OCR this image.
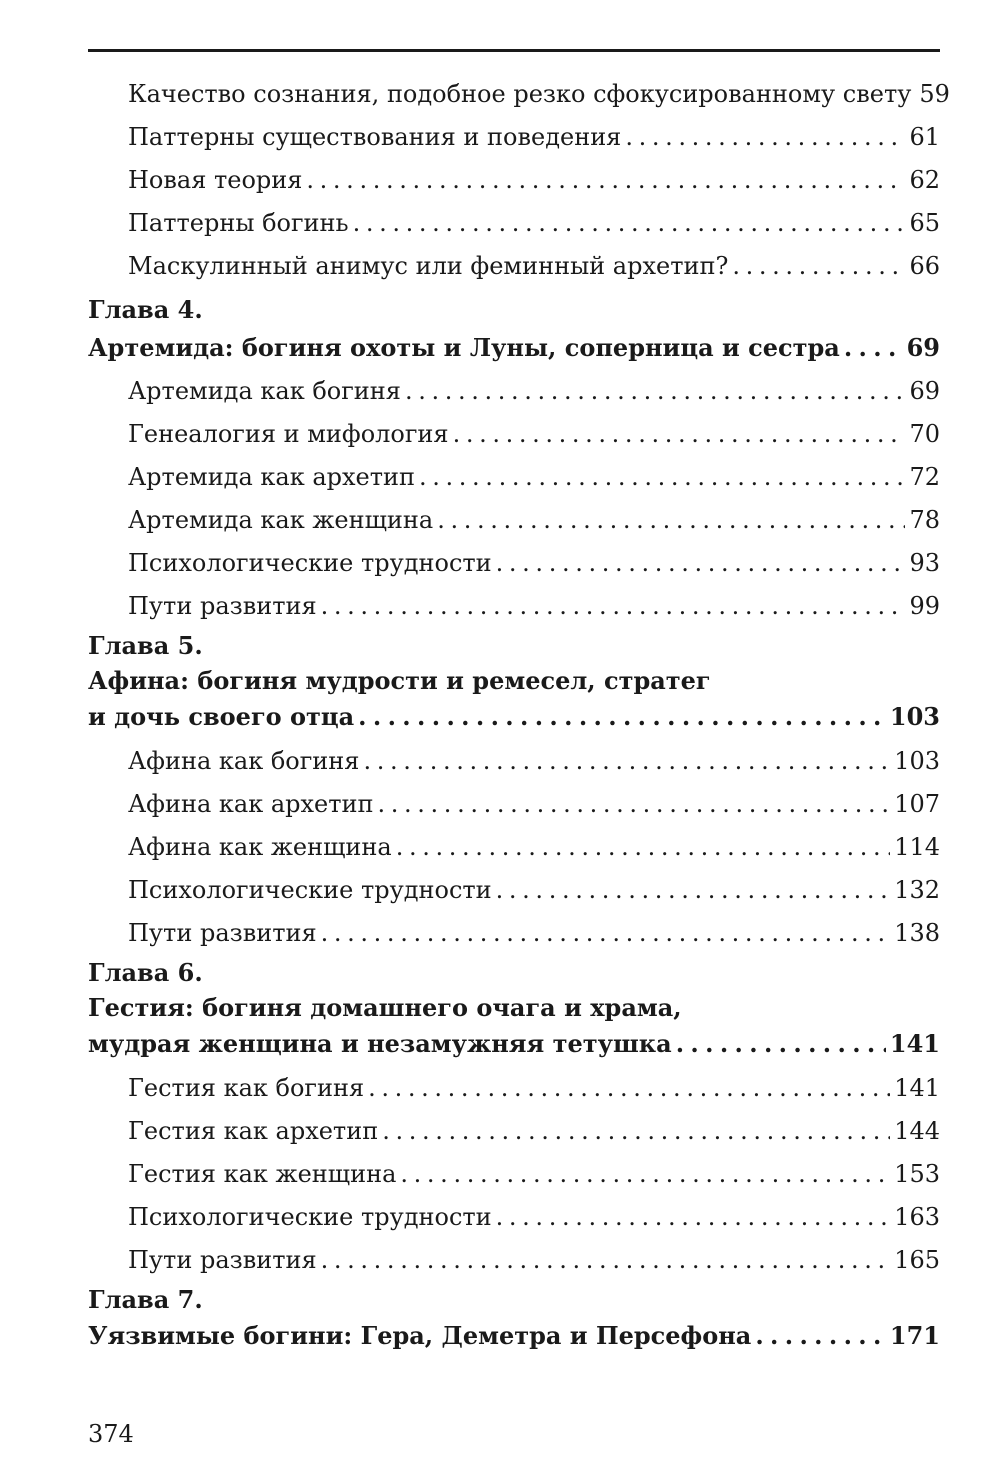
Качество сознания, подобное резко сфокусированному свету 59
Паттерны существования и поведения . . .	61
Новая теория . . .	62
Паттерны богинь . . .	65
Маскулинный анимус или феминный архетип? . . .	66
Глава 4.
Артемида: богиня охоты и Луны, соперница и сестра . . .	69
Артемида как богиня . . .	69
Генеалогия и мифология . . .	70
Артемида как архетип . . .	72
Артемида как женщина . . .	78
Психологические трудности . . .	93
Пути развития . . .	99
Глава 5.
Афина: богиня мудрости и ремесел, стратег
и дочь своего отца . . .	103
Афина как богиня . . .	103
Афина как архетип . . .	107
Афина как женщина . . .	114
Психологические трудности . . .	132
Пути развития . . .	138
Глава 6.
Гестия: богиня домашнего очага и храма,
мудрая женщина и незамужняя тетушка . . .	141
Гестия как богиня . . .	141
Гестия как архетип . . .	144
Гестия как женщина . . .	153
Психологические трудности . . .	163
Пути развития . . .	165
Глава 7.
Уязвимые богини: Гера, Деметра и Персефона . . .	171
374
